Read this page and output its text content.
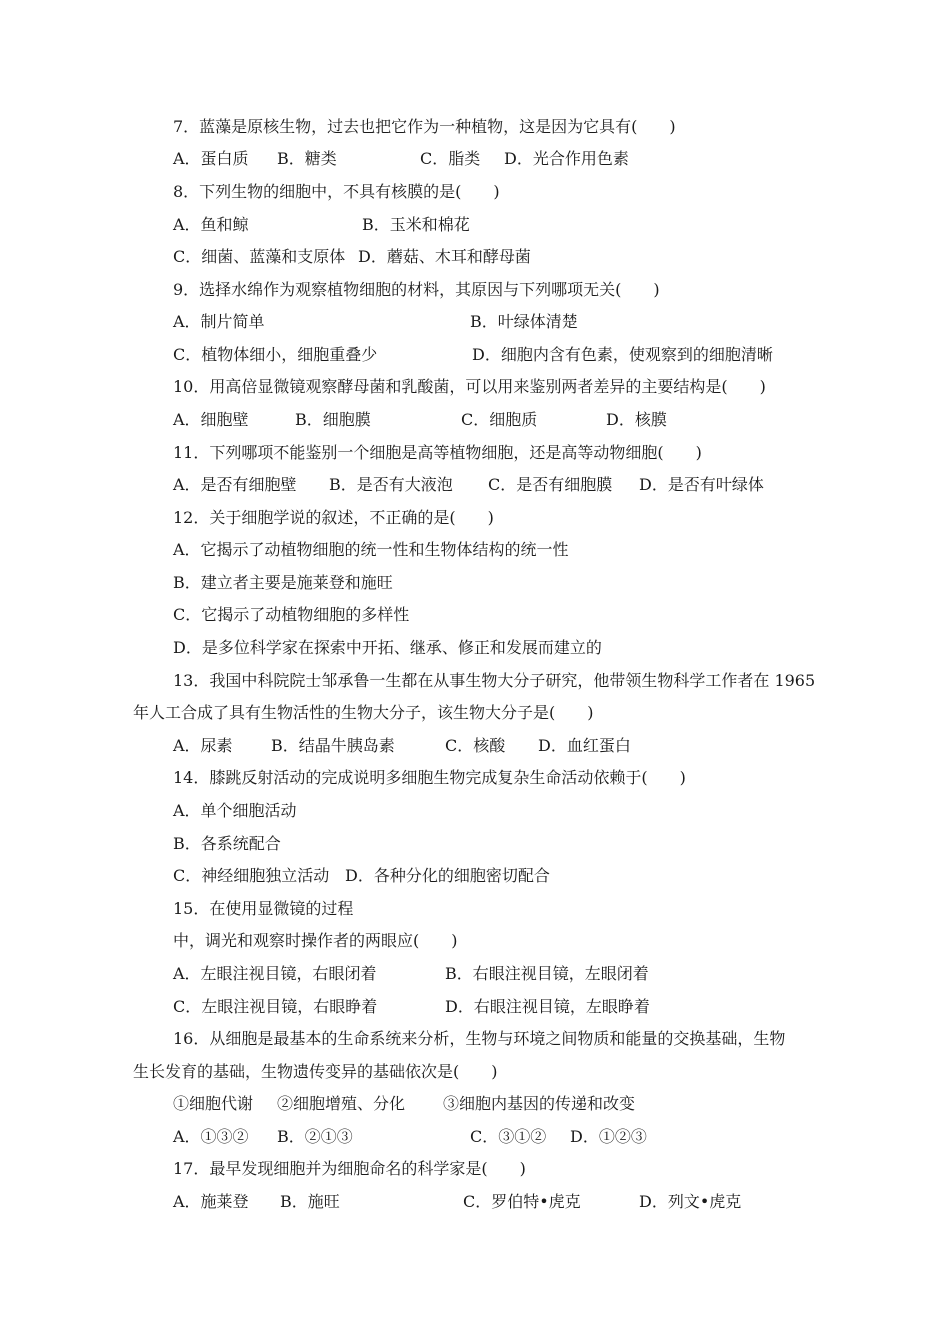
7．蓝藻是原核生物，过去也把它作为一种植物，这是因为它具有(　　)
A．蛋白质 B．糖类	C．脂类 D．光合作用色素
8．下列生物的细胞中，不具有核膜的是(　　)
A．鱼和鲸	B．玉米和棉花
C．细菌、蓝藻和支原体 D．蘑菇、木耳和酵母菌
9．选择水绵作为观察植物细胞的材料，其原因与下列哪项无关(　　)
A．制片简单	B．叶绿体清楚
C．植物体细小，细胞重叠少	D．细胞内含有色素，使观察到的细胞清晰
10．用高倍显微镜观察酵母菌和乳酸菌，可以用来鉴别两者差异的主要结构是(　　)
A．细胞壁	B．细胞膜	C．细胞质	D．核膜
11．下列哪项不能鉴别一个细胞是高等植物细胞，还是高等动物细胞(　　)
A．是否有细胞壁 B．是否有大液泡 C．是否有细胞膜 D．是否有叶绿体
12．关于细胞学说的叙述，不正确的是(　　)
A．它揭示了动植物细胞的统一性和生物体结构的统一性
B．建立者主要是施莱登和施旺
C．它揭示了动植物细胞的多样性
D．是多位科学家在探索中开拓、继承、修正和发展而建立的
13．我国中科院院士邹承鲁一生都在从事生物大分子研究，他带领生物科学工作者在 1965
年人工合成了具有生物活性的生物大分子，该生物大分子是(　　)
A．尿素 B．结晶牛胰岛素	C．核酸 D．血红蛋白
14．膝跳反射活动的完成说明多细胞生物完成复杂生命活动依赖于(　　)
A．单个细胞活动
B．各系统配合
C．神经细胞独立活动 D．各种分化的细胞密切配合
15．在使用显微镜的过程
中，调光和观察时操作者的两眼应(　　)
A．左眼注视目镜，右眼闭着	B．右眼注视目镜，左眼闭着
C．左眼注视目镜，右眼睁着	D．右眼注视目镜，左眼睁着
16．从细胞是最基本的生命系统来分析，生物与环境之间物质和能量的交换基础，生物
生长发育的基础，生物遗传变异的基础依次是(　　)
①细胞代谢 ②细胞增殖、分化 ③细胞内基因的传递和改变
A．①③② B．②①③	C．③①② D．①②③
17．最早发现细胞并为细胞命名的科学家是(　　)
A．施莱登 B．施旺	C．罗伯特•虎克	D．列文•虎克
